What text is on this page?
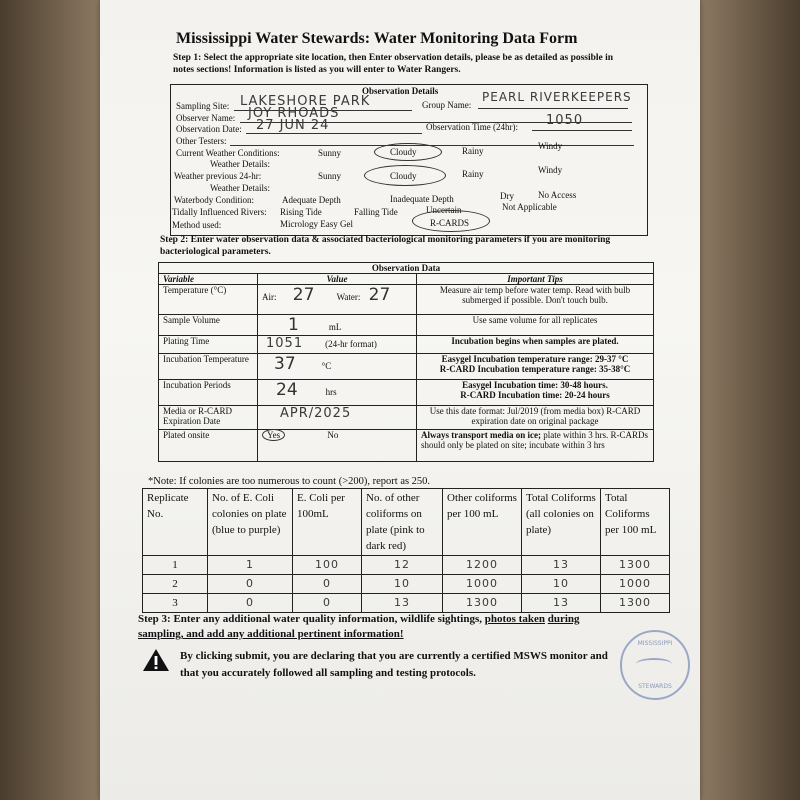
Mississippi Water Stewards: Water Monitoring Data Form
Step 1: Select the appropriate site location, then Enter observation details, please be as detailed as possible in notes sections! Information is listed as you will enter to Water Rangers.
Observation Details
Sampling Site: LAKESHORE PARK	Group Name:
PEARL RIVERKEEPERS
Observer Name: JOY RHOADS
Observation Date: 27 JUN 24	Observation Time (24hr): 1050
Other Testers:
Current Weather Conditions:
Weather Details:
Sunny	Cloudy	Rainy	Windy
Weather previous 24-hr:
Weather Details:
Sunny	Cloudy	Rainy	Windy
Waterbody Condition:	Adequate Depth	Inadequate Depth	Dry	No Access
Tidally Influenced Rivers: Rising Tide	Falling Tide	Uncertain	Not Applicable
Method used:	Micrology Easy Gel	R-CARDS
Step 2: Enter water observation data & associated bacteriological monitoring parameters if you are monitoring bacteriological parameters.
Observation Data		
Variable	Value	Important Tips
Temperature (°C)	Air: 27 Water: 27	Measure air temp before water temp. Read with bulb submerged if possible. Don't touch bulb.
Sample Volume	1 mL	Use same volume for all replicates
Plating Time	1051 (24-hr format)	Incubation begins when samples are plated.
Incubation Temperature	37 °C	Easygel Incubation temperature range: 29-37 °C
R-CARD Incubation temperature range: 35-38°C

Incubation Periods	24 hrs	Easygel Incubation time: 30-48 hours.
R-CARD Incubation time: 20-24 hours

Media or R-CARD Expiration Date	APR/2025	Use this date format: Jul/2019 (from media box) R-CARD expiration date on original package
Plated onsite	Yes No	Always transport media on ice; plate within 3 hrs. R-CARDs should only be plated on site; incubate within 3 hrs
*Note: If colonies are too numerous to count (>200), report as 250.
Replicate No.	No. of E. Coli colonies on plate (blue to purple)	E. Coli per 100mL	No. of other coliforms on plate (pink to dark red)	Other coliforms per 100 mL	Total Coliforms (all colonies on plate)	Total Coliforms per 100 mL
1	1	100	12	1200	13	1300
2	0	0	10	1000	10	1000
3	0	0	13	1300	13	1300
Step 3: Enter any additional water quality information, wildlife sightings, photos taken during sampling, and add any additional pertinent information!
By clicking submit, you are declaring that you are currently a certified MSWS monitor and that you accurately followed all sampling and testing protocols.
MISSISSIPPI
STEWARDS
